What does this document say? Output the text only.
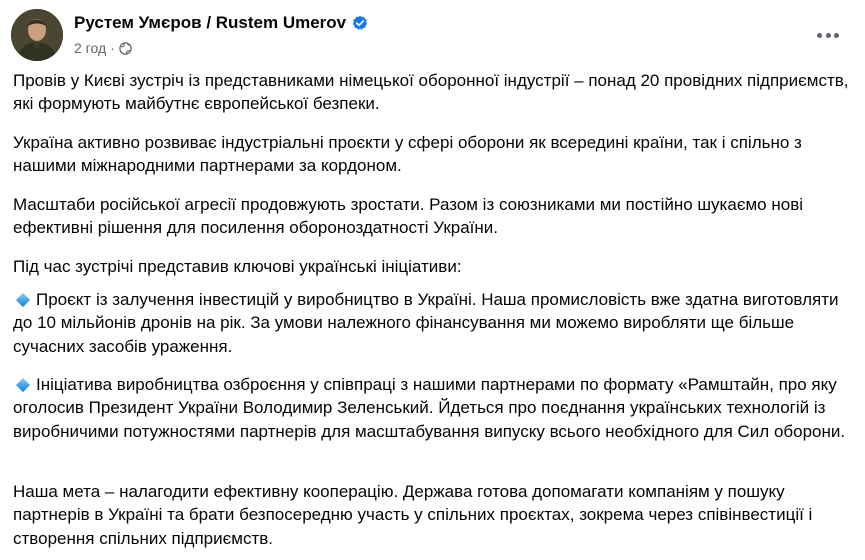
Рустем Умєров / Rustem Umerov
2 год ·

Провів у Києві зустріч із представниками німецької оборонної індустрії – понад 20 провідних підприємств, які формують майбутнє європейської безпеки.

Україна активно розвиває індустріальні проєкти у сфері оборони як всередині країни, так і спільно з нашими міжнародними партнерами за кордоном.

Масштаби російської агресії продовжують зростати. Разом із союзниками ми постійно шукаємо нові ефективні рішення для посилення обороноздатності України.

Під час зустрічі представив ключові українські ініціативи:

Проєкт із залучення інвестицій у виробництво в Україні. Наша промисловість вже здатна виготовляти до 10 мільйонів дронів на рік. За умови належного фінансування ми можемо виробляти ще більше сучасних засобів ураження.

Ініціатива виробництва озброєння у співпраці з нашими партнерами по формату «Рамштайн, про яку оголосив Президент України Володимир Зеленський. Йдеться про поєднання українських технологій із виробничими потужностями партнерів для масштабування випуску всього необхідного для Сил оборони.

Наша мета – налагодити ефективну кооперацію. Держава готова допомагати компаніям у пошуку партнерів в Україні та брати безпосередню участь у спільних проєктах, зокрема через співінвестиції і створення спільних підприємств.
